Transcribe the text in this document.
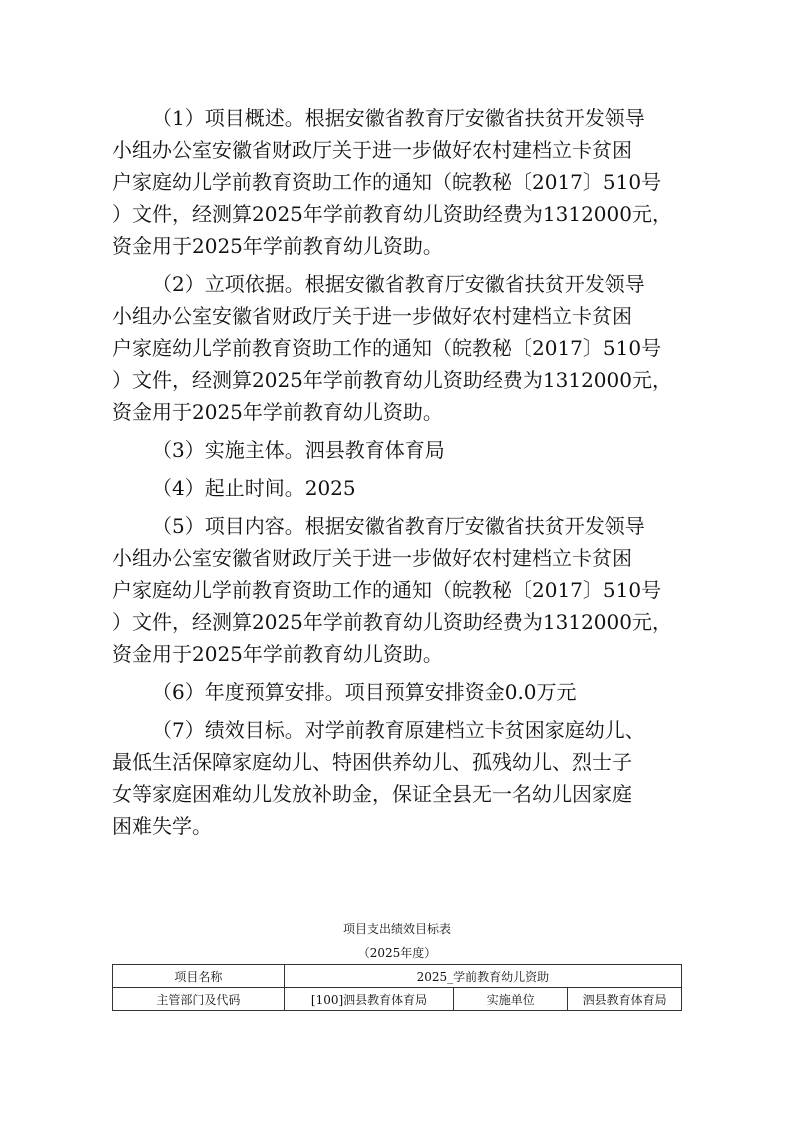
（1）项目概述。根据安徽省教育厅安徽省扶贫开发领导
小组办公室安徽省财政厅关于进一步做好农村建档立卡贫困
户家庭幼儿学前教育资助工作的通知（皖教秘〔2017〕510号
）文件，经测算2025年学前教育幼儿资助经费为1312000元，
资金用于2025年学前教育幼儿资助。
（2）立项依据。根据安徽省教育厅安徽省扶贫开发领导
小组办公室安徽省财政厅关于进一步做好农村建档立卡贫困
户家庭幼儿学前教育资助工作的通知（皖教秘〔2017〕510号
）文件，经测算2025年学前教育幼儿资助经费为1312000元，
资金用于2025年学前教育幼儿资助。
（3）实施主体。泗县教育体育局
（4）起止时间。2025
（5）项目内容。根据安徽省教育厅安徽省扶贫开发领导
小组办公室安徽省财政厅关于进一步做好农村建档立卡贫困
户家庭幼儿学前教育资助工作的通知（皖教秘〔2017〕510号
）文件，经测算2025年学前教育幼儿资助经费为1312000元，
资金用于2025年学前教育幼儿资助。
（6）年度预算安排。项目预算安排资金0.0万元
（7）绩效目标。对学前教育原建档立卡贫困家庭幼儿、
最低生活保障家庭幼儿、特困供养幼儿、孤残幼儿、烈士子
女等家庭困难幼儿发放补助金，保证全县无一名幼儿因家庭
困难失学。
项目支出绩效目标表
（2025年度）
项目名称	2025_学前教育幼儿资助		
主管部门及代码	[100]泗县教育体育局	实施单位	泗县教育体育局
